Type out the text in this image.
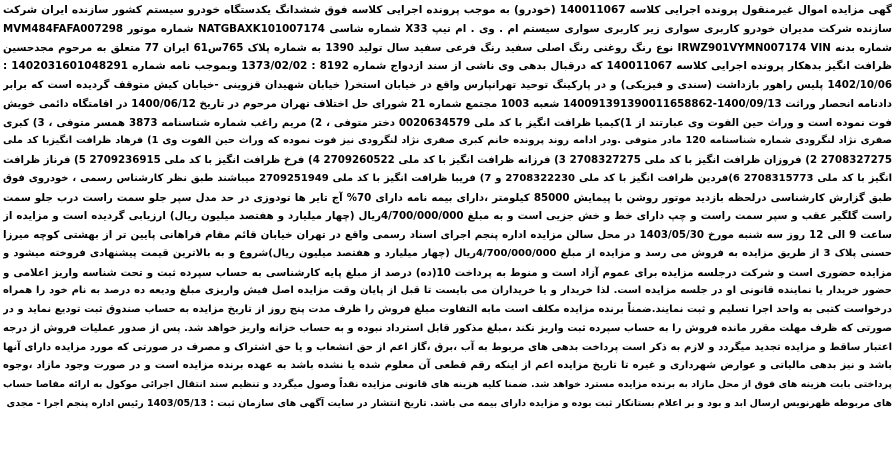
گهی مزایده اموال غیرمنقول پرونده اجرایی کلاسه 140011067 (خودرو) به موجب پرونده اجرایی کلاسه فوق ششدانگ یکدستگاه خودرو سیستم کشور سازنده ایران شرکت
سازنده شرکت مدیران خودرو کاربری سواری زیر کاربری سواری سیستم ام . وی . ام تیپ X33 شماره شاسی NATGBAXK101007174 شماره موتور MVM484FAFA007298
شماره بدنه IRWZ901VYMN007174 VIN نوع رنگ روغنی رنگ اصلی سفید رنگ فرعی سفید سال تولید 1390 به شماره پلاک 765س61 ایران 77 متعلق به مرحوم مجدحسین
ظرافت انگیز بدهکار پرونده اجرایی کلاسه 140011067 که درقبال بدهی وی ناشی از سند ازدواج شماره 8192 : 1373/02/02 وبموجب نامه شماره 1402031601048291 :
1402/10/06 پلیس راهور بازداشت (سندی و فیزیکی) و در پارکینگ توحید تهرانپارس واقع در خیابان استخر( خیابان شهیدان قزوینی -خیابان کیش متوقف گردیده است که برابر
دادنامه انحصار وراثت 1400/09/13-140091391390011658862 شعبه 1003 مجتمع شماره 21 شورای حل اختلاف تهران مرحوم در تاریخ 1400/06/12 در اقامتگاه دائمی خویش
فوت نموده است و وراث حین الفوت وی عبارتند از 1)کیمیا ظرافت انگیز با کد ملی 0020634579 دختر متوفی ، 2) مریم راغب شماره شناسنامه 3873 همسر متوفی ، 3) کبری
صفری نژاد لنگرودی شماره شناسنامه 120 مادر متوفی .ودر ادامه روند پرونده خانم کبری صفری نژاد لنگرودی نیز فوت نموده که وراث حین الفوت وی 1) فرهاد ظرافت انگیزبا کد ملی
2708327275 2) فروزان ظرافت انگیز با کد ملی 2708327275 3) فرزانه ظرافت انگیز با کد ملی 2709260522 4) فرخ ظرافت انگیز با کد ملی 2709236915 5) فرناز ظرافت
انگیز با کد ملی 2708315773 6)فردین ظرافت انگیز با کد ملی 2708322230 و 7) فریبا ظرافت انگیز با کد ملی 2709251949 میباشند طبق نظر کارشناس رسمی ، خودروی فوق
طبق گزارش کارشناسی درلحظه بازدید موتور روشن با پیمایش 85000 کیلومتر ،دارای بیمه نامه دارای 70% آج تایر ها تودوزی در حد مدل سپر جلو سمت راست درب جلو سمت
راست گلگیر عقب و سپر سمت راست و چپ دارای خط و خش جزیی است و به مبلغ 4/700/000/000ریال (چهار میلیارد و هفتصد میلیون ریال) ارزیابی گردیده است و مزایده از
ساعت 9 الی 12 روز سه شنبه مورخ 1403/05/30 در محل سالن مزایده اداره پنجم اجرای اسناد رسمی واقع در تهران خیابان قائم مقام فراهانی پایین تر از بهشتی کوچه میرزا
حسنی پلاک 3 از طریق مزایده به فروش می رسد و مزایده از مبلغ 4/700/000/000ریال (چهار میلیارد و هفتصد میلیون ریال)شروع و به بالاترین قیمت پیشنهادی فروخته میشود و
مزایده حضوری است و شرکت درجلسه مزایده برای عموم آزاد است و منوط به پرداخت 10(ده) درصد از مبلغ پایه کارشناسی به حساب سپرده ثبت و تحت شناسه واریز اعلامی و
حضور خریدار یا نماینده قانونی او در جلسه مزایده است. لذا خریدار و یا خریداران می بایست تا قبل از پایان وقت مزایده اصل فیش واریزی مبلغ ودیعه ده درصد به نام خود را همراه
درخواست کتبی به واحد اجرا تسلیم و ثبت نمایند.ضمناً برنده مزایده مکلف است مابه التفاوت مبلغ فروش را ظرف مدت پنج روز از تاریخ مزایده به حساب صندوق ثبت تودیع نماید و در
صورتی که ظرف مهلت مقرر مانده فروش را به حساب سپرده ثبت واریز نکند ،مبلغ مذکور قابل استرداد نبوده و به حساب خزانه واریز خواهد شد. پس از صدور عملیات فروش از درجه
اعتبار ساقط و مزایده تجدید میگردد و لازم به ذکر است پرداخت بدهی های مربوط به آب ،برق ،گاز اعم از حق انشعاب و یا حق اشتراک و مصرف در صورتی که مورد مزایده دارای آنها
باشد و نیز بدهی مالیاتی و عوارض شهرداری و غیره تا تاریخ مزایده اعم از اینکه رقم قطعی آن معلوم شده یا نشده باشد به عهده برنده مزایده است و در صورت وجود مازاد ،وجوه
پرداختی بابت هزینه های فوق از محل مازاد به برنده مزایده مسترد خواهد شد. ضمنا کلیه هزینه های قانونی مزایده نقداً وصول میگردد و تنظیم سند انتقال اجرائی موکول به ارائه مفاصا حساب
های مربوطه ظهرنویس ارسال ابد و بود و بر اعلام بستانکار ثبت بوده و مزایده دارای بیمه می باشد. تاریخ انتشار در سایت آگهی های سازمان ثبت : 1403/05/13 رئیس اداره پنجم اجرا - مجدی
